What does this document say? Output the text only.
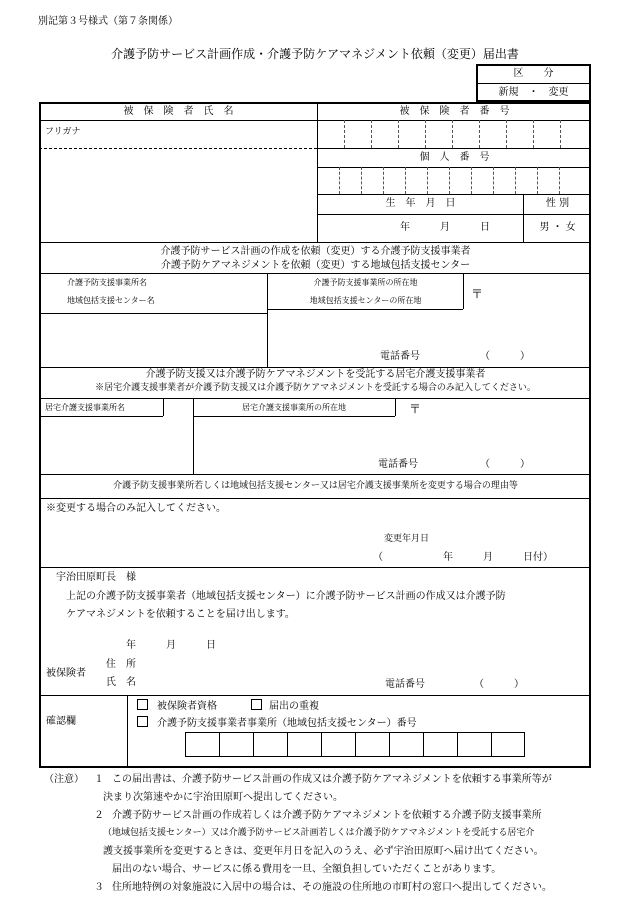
別記第３号様式（第７条関係）
介護予防サービス計画作成・介護予防ケアマネジメント依頼（変更）届出書
区　　分
新規　・　変更
被　保　険　者　氏　名	被　保　険　者　番　号
フリガナ
個　人　番　号
生　年　月　日	性 別
年　　　月　　　日	男 ・ 女
介護予防サービス計画の作成を依頼（変更）する介護予防支援事業者
介護予防ケアマネジメントを依頼（変更）する地域包括支援センター
介護予防支援事業所名
地域包括支援センター名
介護予防支援事業所の所在地
地域包括支援センターの所在地	〒
電話番号	（　　　）
介護予防支援又は介護予防ケアマネジメントを受託する居宅介護支援事業者
※居宅介護支援事業者が介護予防支援又は介護予防ケアマネジメントを受託する場合のみ記入してください。
居宅介護支援事業所名	居宅介護支援事業所の所在地	〒
電話番号	（　　　）
介護予防支援事業所若しくは地域包括支援センター又は居宅介護支援事業所を変更する場合の理由等
※変更する場合のみ記入してください。
変更年月日
（　　　　　　年　　　月　　　日付）
宇治田原町長　様
上記の介護予防支援事業者（地域包括支援センター）に介護予防サービス計画の作成又は介護予防
ケアマネジメントを依頼することを届け出します。
年　　　月　　　日
被保険者
住　所
氏　名	電話番号	（　　　）
確認欄
被保険者資格	届出の重複
介護予防支援事業者事業所（地域包括支援センター）番号
（注意） １ この届出書は、介護予防サービス計画の作成又は介護予防ケアマネジメントを依頼する事業所等が
決まり次第速やかに宇治田原町へ提出してください。
２ 介護予防サービス計画の作成若しくは介護予防ケアマネジメントを依頼する介護予防支援事業所
（地域包括支援センター）又は介護予防サービス計画若しくは介護予防ケアマネジメントを受託する居宅介
護支援事業所を変更するときは、変更年月日を記入のうえ、必ず宇治田原町へ届け出てください。
届出のない場合、サービスに係る費用を一旦、全額負担していただくことがあります。
３ 住所地特例の対象施設に入居中の場合は、その施設の住所地の市町村の窓口へ提出してください。
